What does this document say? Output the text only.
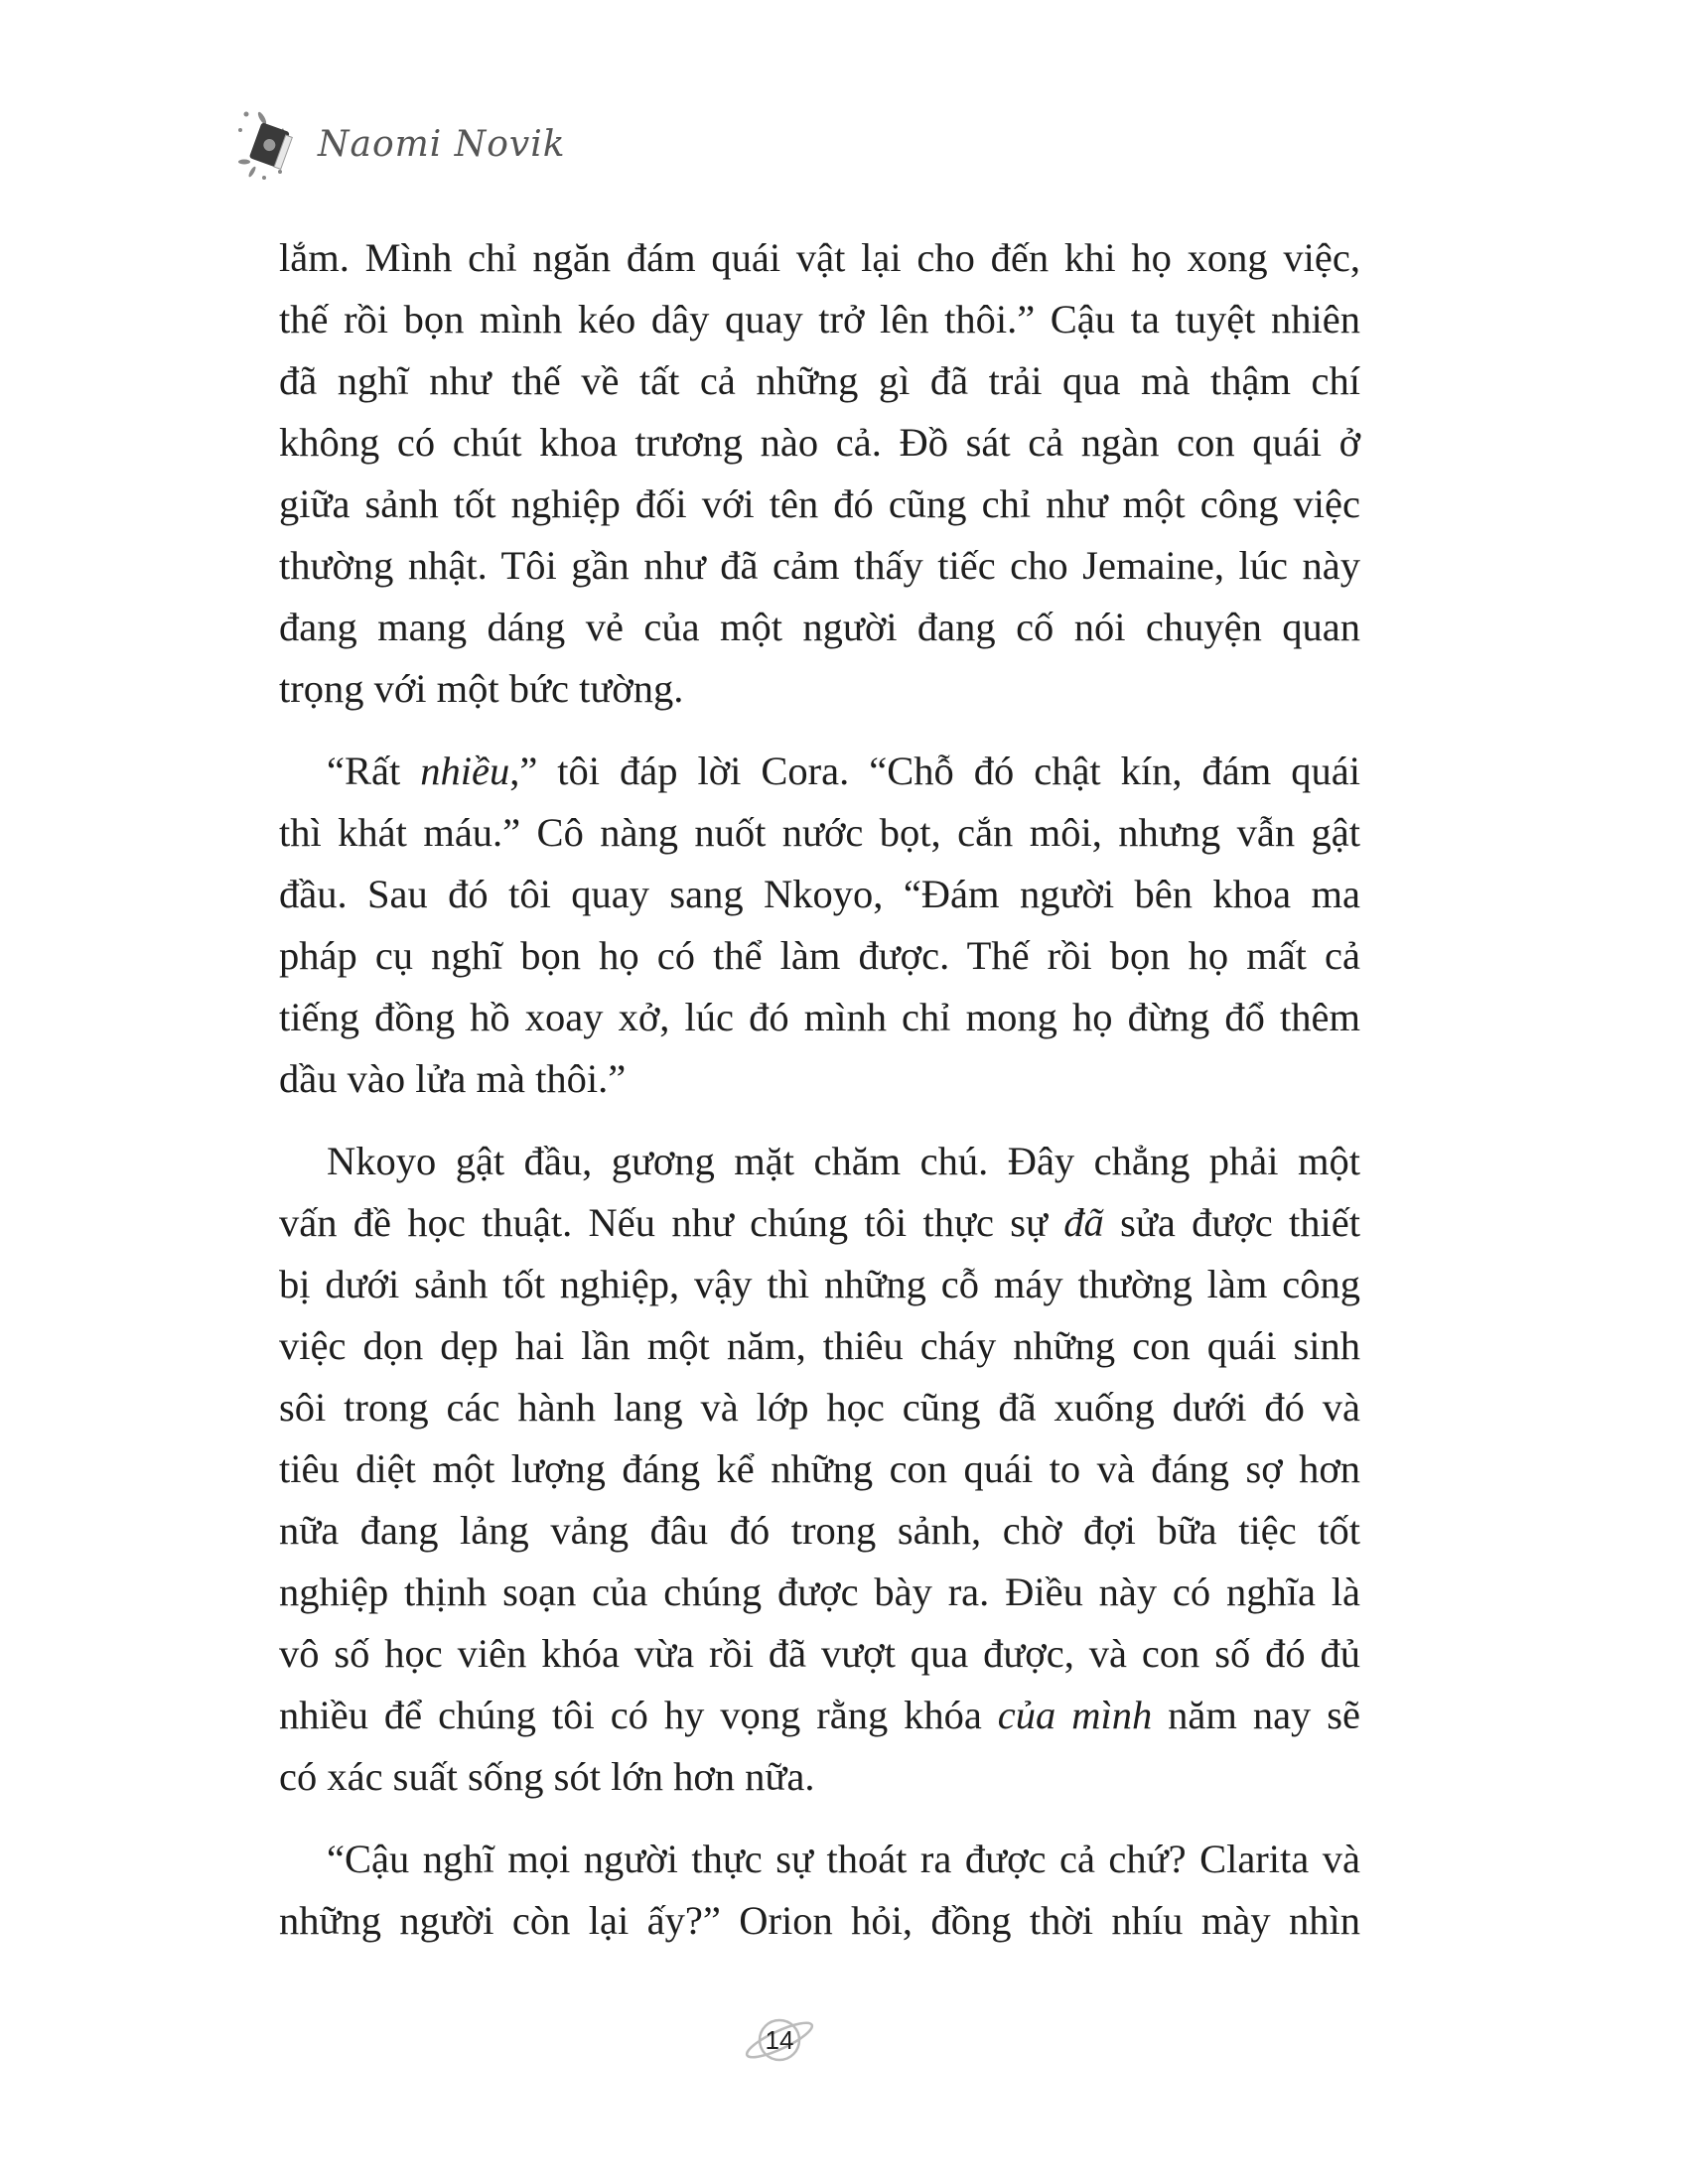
Naomi Novik
lắm. Mình chỉ ngăn đám quái vật lại cho đến khi họ xong việc,
thế rồi bọn mình kéo dây quay trở lên thôi.” Cậu ta tuyệt nhiên
đã nghĩ như thế về tất cả những gì đã trải qua mà thậm chí
không có chút khoa trương nào cả. Đồ sát cả ngàn con quái ở
giữa sảnh tốt nghiệp đối với tên đó cũng chỉ như một công việc
thường nhật. Tôi gần như đã cảm thấy tiếc cho Jemaine, lúc này
đang mang dáng vẻ của một người đang cố nói chuyện quan
trọng với một bức tường.
“Rất nhiều,” tôi đáp lời Cora. “Chỗ đó chật kín, đám quái
thì khát máu.” Cô nàng nuốt nước bọt, cắn môi, nhưng vẫn gật
đầu. Sau đó tôi quay sang Nkoyo, “Đám người bên khoa ma
pháp cụ nghĩ bọn họ có thể làm được. Thế rồi bọn họ mất cả
tiếng đồng hồ xoay xở, lúc đó mình chỉ mong họ đừng đổ thêm
dầu vào lửa mà thôi.”
Nkoyo gật đầu, gương mặt chăm chú. Đây chẳng phải một
vấn đề học thuật. Nếu như chúng tôi thực sự đã sửa được thiết
bị dưới sảnh tốt nghiệp, vậy thì những cỗ máy thường làm công
việc dọn dẹp hai lần một năm, thiêu cháy những con quái sinh
sôi trong các hành lang và lớp học cũng đã xuống dưới đó và
tiêu diệt một lượng đáng kể những con quái to và đáng sợ hơn
nữa đang lảng vảng đâu đó trong sảnh, chờ đợi bữa tiệc tốt
nghiệp thịnh soạn của chúng được bày ra. Điều này có nghĩa là
vô số học viên khóa vừa rồi đã vượt qua được, và con số đó đủ
nhiều để chúng tôi có hy vọng rằng khóa của mình năm nay sẽ
có xác suất sống sót lớn hơn nữa.
“Cậu nghĩ mọi người thực sự thoát ra được cả chứ? Clarita và
những người còn lại ấy?” Orion hỏi, đồng thời nhíu mày nhìn
14
